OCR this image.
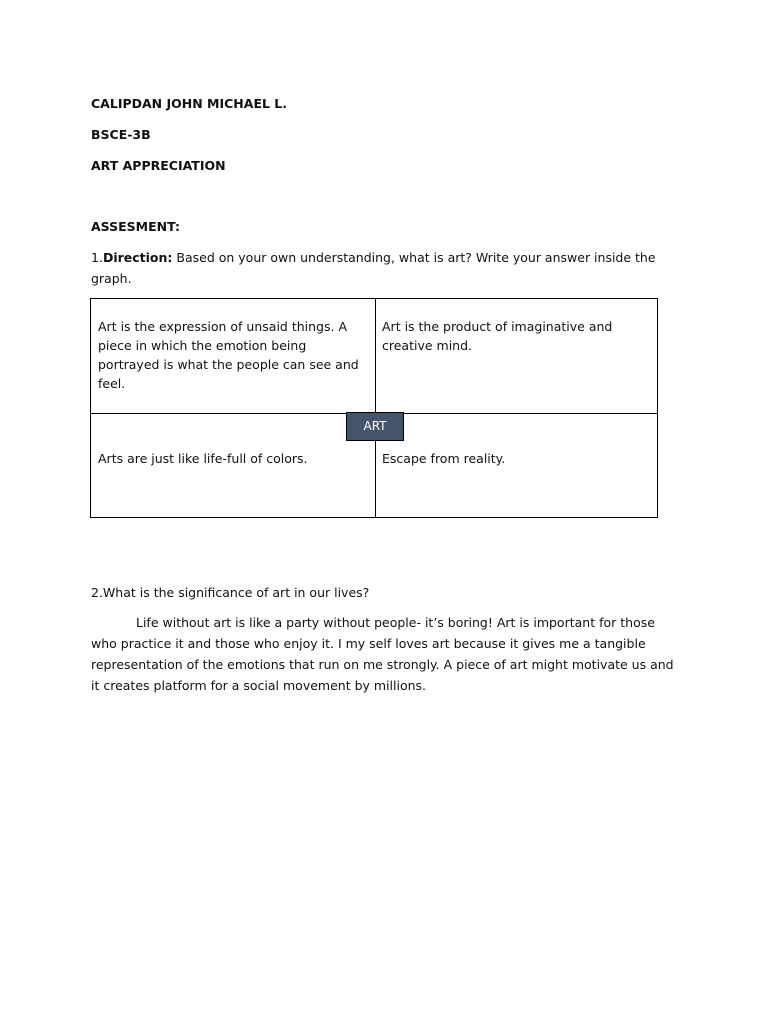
CALIPDAN JOHN MICHAEL L.
BSCE-3B
ART APPRECIATION
ASSESMENT:
1.Direction: Based on your own understanding, what is art? Write your answer inside the
graph.
Art is the expression of unsaid things. A piece in which the emotion being portrayed is what the people can see and feel.
Art is the product of imaginative and creative mind.
Arts are just like life-full of colors.	Escape from reality.
ART
2.What is the significance of art in our lives?
Life without art is like a party without people- it’s boring! Art is important for those who practice it and those who enjoy it. I my self loves art because it gives me a tangible representation of the emotions that run on me strongly. A piece of art might motivate us and it creates platform for a social movement by millions.
